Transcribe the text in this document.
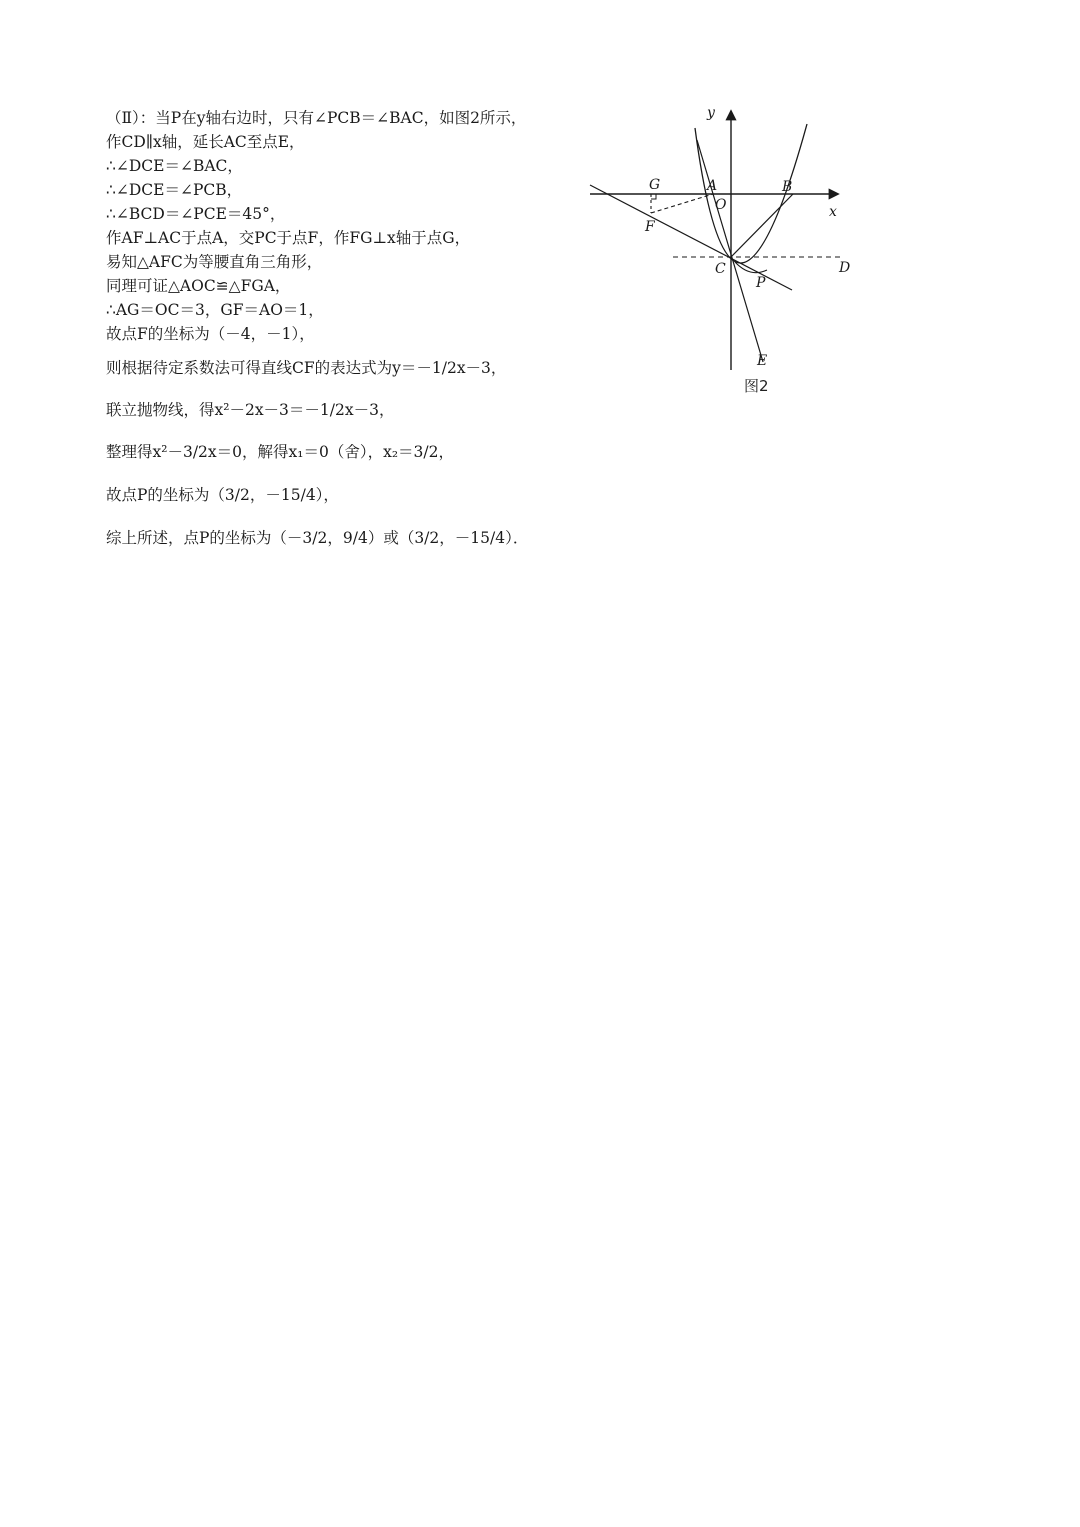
（Ⅱ）：当P在y轴右边时，只有∠PCB＝∠BAC，如图2所示，
作CD∥x轴，延长AC至点E，
∴∠DCE＝∠BAC，
∴∠DCE＝∠PCB，
∴∠BCD＝∠PCE＝45°，
作AF⊥AC于点A，交PC于点F，作FG⊥x轴于点G，
易知△AFC为等腰直角三角形，
同理可证△AOC≌△FGA，
∴AG＝OC＝3，GF＝AO＝1，
故点F的坐标为（－4，－1），
则根据待定系数法可得直线CF的表达式为y＝－1/2x－3，
联立抛物线，得x²－2x－3＝－1/2x－3，
整理得x²－3/2x＝0，解得x₁＝0（舍），x₂＝3/2，
故点P的坐标为（3/2，－15/4），
综上所述，点P的坐标为（－3/2，9/4）或（3/2，－15/4）．
y
x
G	A	B
O
F
C	D
P
E
图2
